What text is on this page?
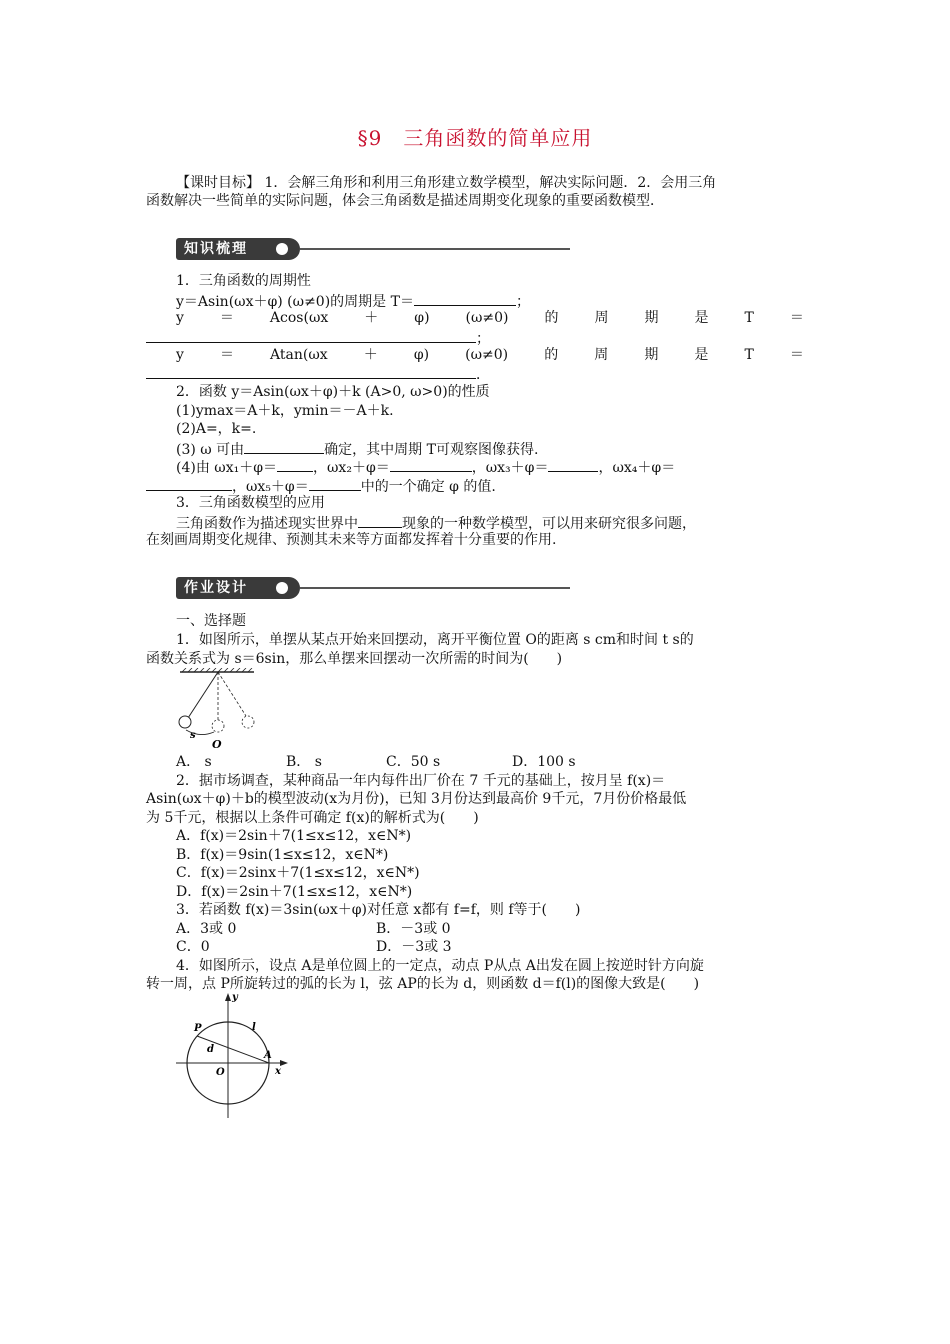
§9　三角函数的简单应用
【课时目标】 1．会解三角形和利用三角形建立数学模型，解决实际问题．2．会用三角
函数解决一些简单的实际问题，体会三角函数是描述周期变化现象的重要函数模型．
知识梳理
1．三角函数的周期性
y＝Asin(ωx＋φ) (ω≠0)的周期是 T＝	；
y	＝	Acos(ωx	＋	φ)	(ω≠0)	的	周	期	是	T	＝
；
y	＝	Atan(ωx	＋	φ)	(ω≠0)	的	周	期	是	T	＝
．
2．函数 y＝Asin(ωx＋φ)＋k (A>0, ω>0)的性质
(1)ymax＝A＋k，ymin＝－A＋k.
(2)A=，k=.
(3) ω 可由	确定，其中周期 T可观察图像获得.
(4)由 ωx₁＋φ＝	，ωx₂＋φ＝	，ωx₃＋φ＝	，ωx₄＋φ＝
，ωx₅＋φ＝	中的一个确定 φ 的值.
3．三角函数模型的应用
三角函数作为描述现实世界中	现象的一种数学模型，可以用来研究很多问题，
在刻画周期变化规律、预测其未来等方面都发挥着十分重要的作用.
作业设计
一、选择题
1．如图所示，单摆从某点开始来回摆动，离开平衡位置 O的距离 s cm和时间 t s的
函数关系式为 s＝6sin，那么单摆来回摆动一次所需的时间为(　　)
s
O
A． s	B． s	C．50 s	D．100 s
2．据市场调查，某种商品一年内每件出厂价在 7 千元的基础上，按月呈 f(x)＝
Asin(ωx＋φ)＋b的模型波动(x为月份)，已知 3月份达到最高价 9千元，7月份价格最低
为 5千元，根据以上条件可确定 f(x)的解析式为(　　)
A．f(x)＝2sin＋7(1≤x≤12，x∈N*)
B．f(x)＝9sin(1≤x≤12，x∈N*)
C．f(x)＝2sinx＋7(1≤x≤12，x∈N*)
D．f(x)＝2sin＋7(1≤x≤12，x∈N*)
3．若函数 f(x)＝3sin(ωx＋φ)对任意 x都有 f=f，则 f等于(　　)
A．3或 0	B．－3或 0
C．0	D．－3或 3
4．如图所示，设点 A是单位圆上的一定点，动点 P从点 A出发在圆上按逆时针方向旋
转一周，点 P所旋转过的弧的长为 l，弦 AP的长为 d，则函数 d＝f(l)的图像大致是(　　)
y
P	l
d
A
O	x
